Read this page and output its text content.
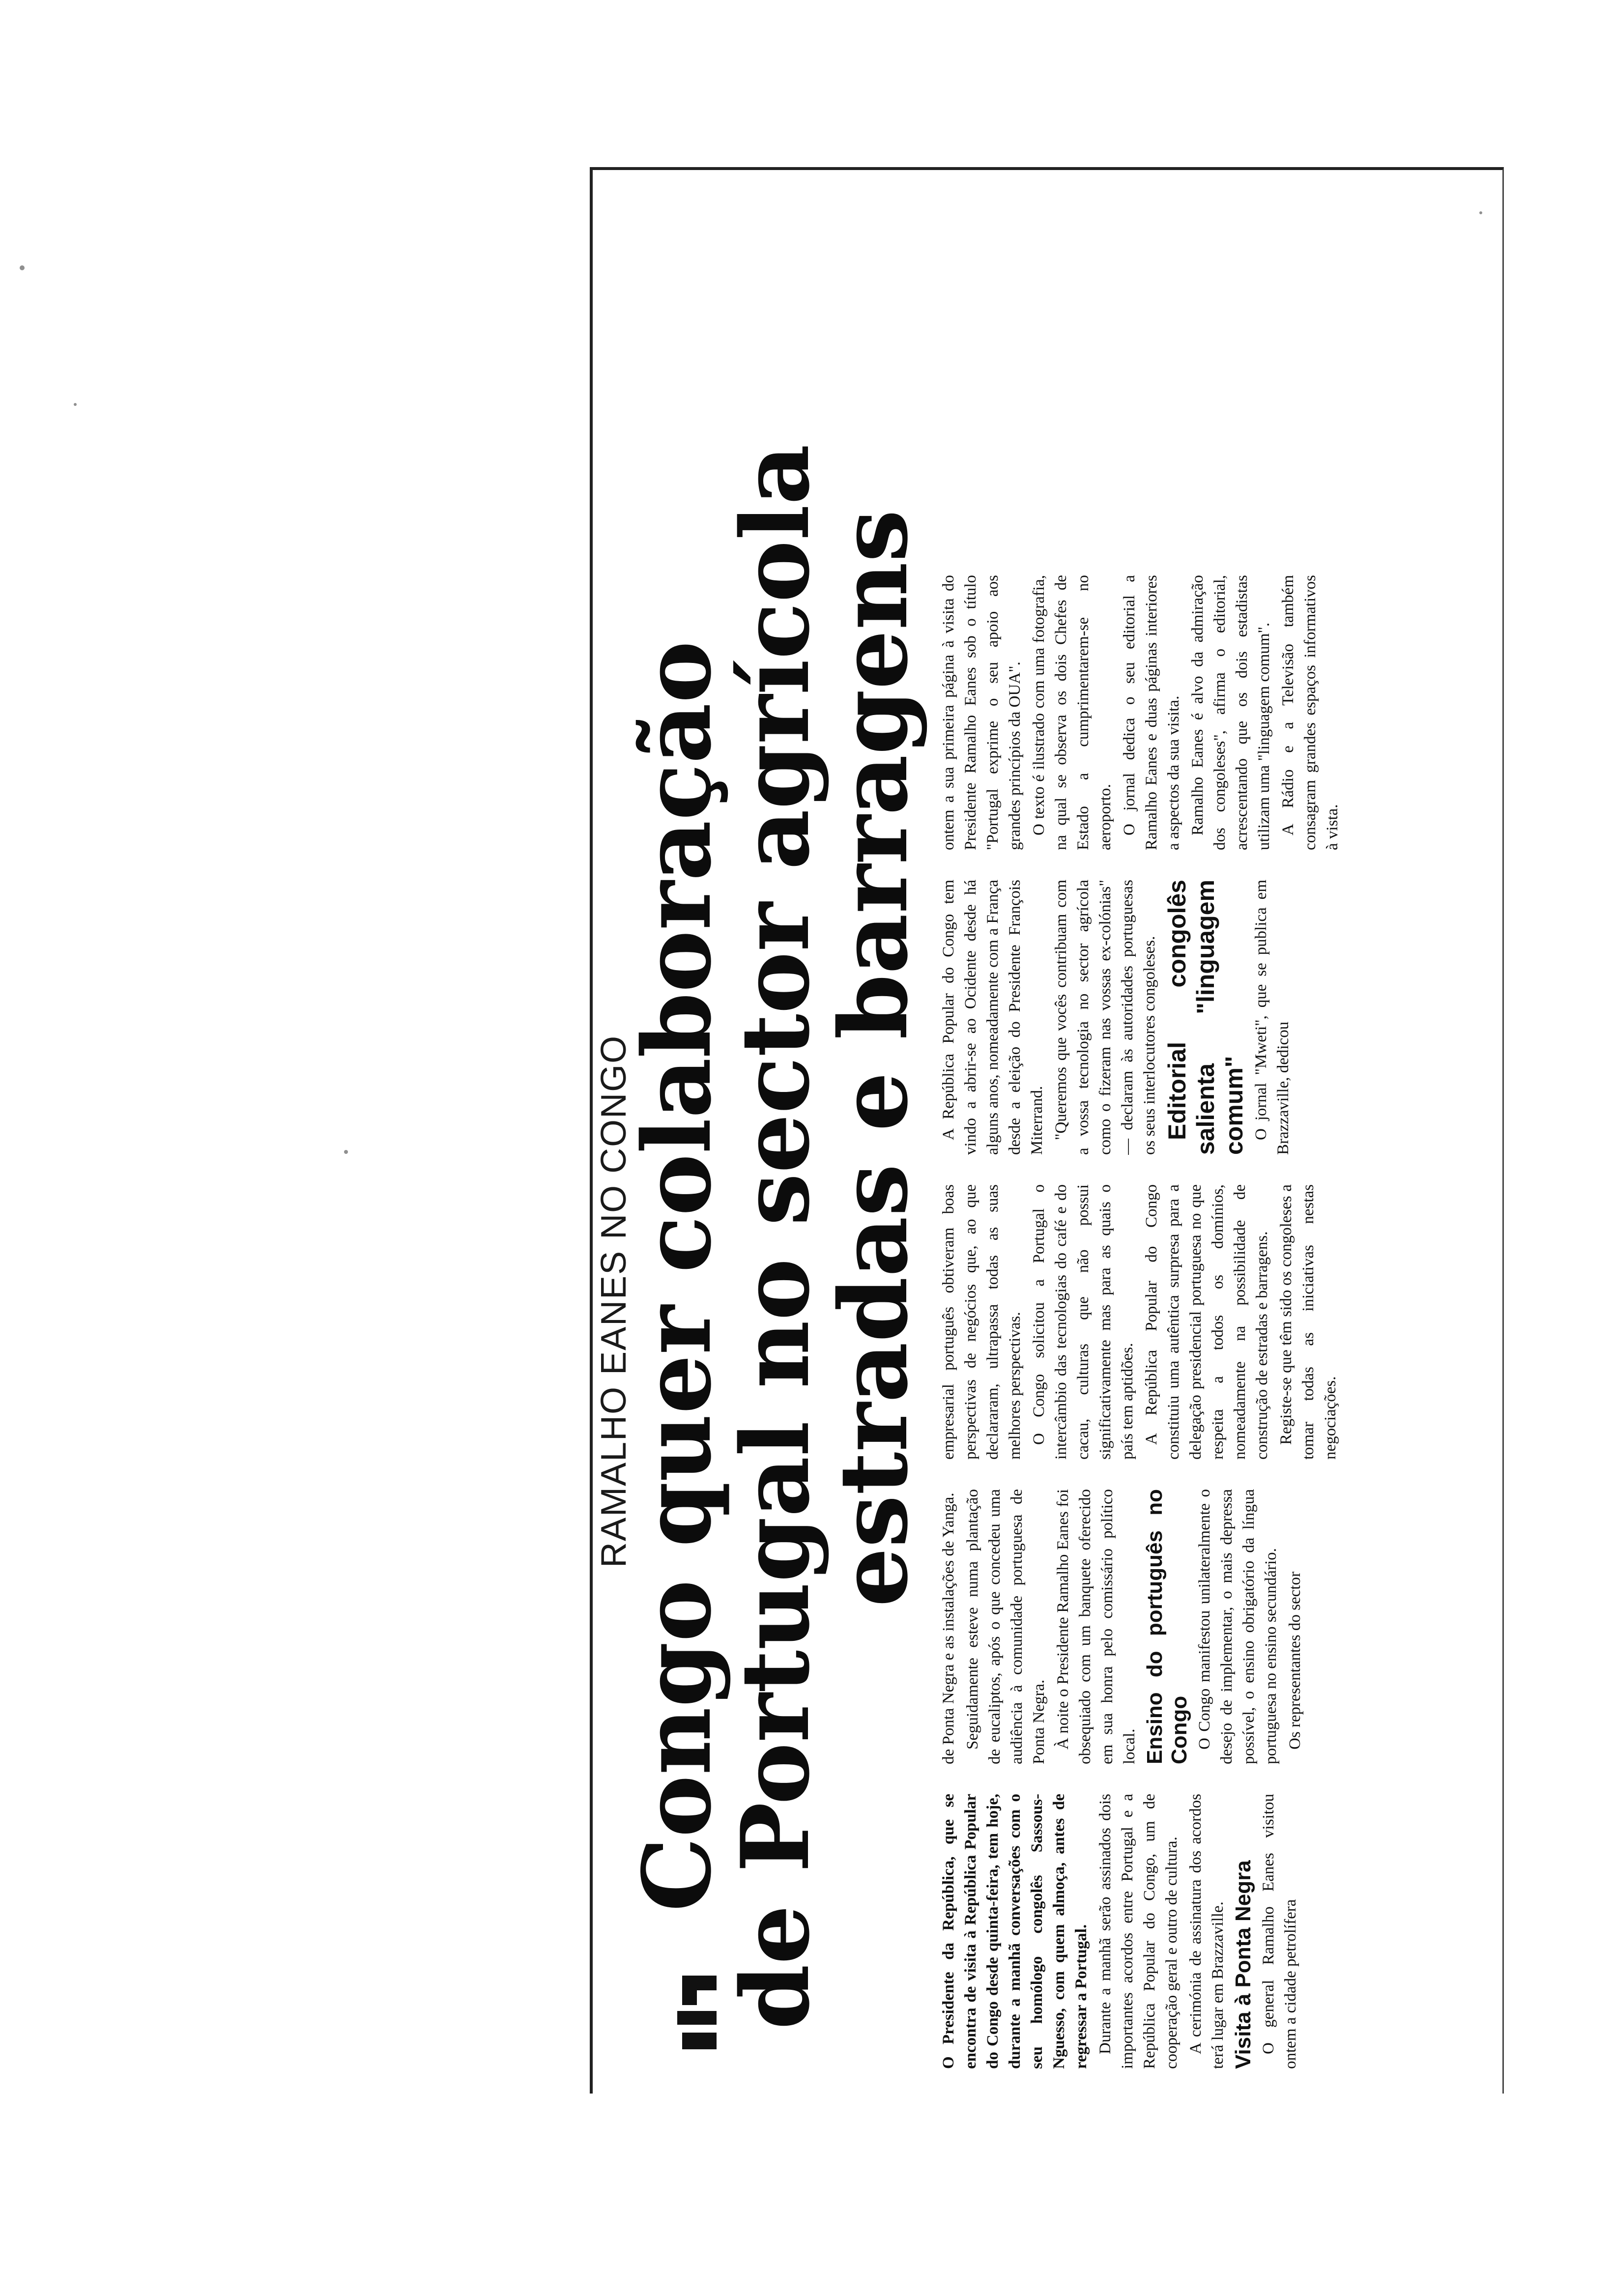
RAMALHO EANES NO CONGO
Congo quer colaboração
de Portugal no sector agrícola
estradas e barragens

O Presidente da República, que se encontra de visita à República Popular do Congo desde quinta-feira, tem hoje, durante a manhã conversações com o seu homólogo congolês Sassous-Nguesso, com quem almoça, antes de regressar a Portugal. Durante a manhã serão assinados dois importantes acordos entre Portugal e a República Popular do Congo, um de cooperação geral e outro de cultura. A cerimónia de assinatura dos acordos terá lugar em Brazzaville. Visita à Ponta Negra O general Ramalho Eanes visitou ontem a cidade petrolífera

de Ponta Negra e as instalações de Yanga. Seguidamente esteve numa plantação de eucaliptos, após o que concedeu uma audiência à comunidade portuguesa de Ponta Negra. À noite o Presidente Ramalho Eanes foi obsequiado com um banquete oferecido em sua honra pelo comissário político local. Ensino do português no Congo O Congo manifestou unilateralmente o desejo de implementar, o mais depressa possível, o ensino obrigatório da língua portuguesa no ensino secundário. Os representantes do sector

empresarial português obtiveram boas perspectivas de negócios que, ao que declararam, ultrapassa todas as suas melhores perspectivas. O Congo solicitou a Portugal o intercâmbio das tecnologias do café e do cacau, culturas que não possui significativamente mas para as quais o país tem aptidões. A República Popular do Congo constituiu uma autêntica surpresa para a delegação presidencial portuguesa no que respeita a todos os domínios, nomeadamente na possibilidade de construção de estradas e barragens. Registe-se que têm sido os congoleses a tomar todas as iniciativas nestas negociações.

A República Popular do Congo tem vindo a abrir-se ao Ocidente desde há alguns anos, nomeadamente com a França desde a eleição do Presidente François Miterrand. "Queremos que vocês contribuam com a vossa tecnologia no sector agrícola como o fizeram nas vossas ex-colónias" — declaram às autoridades portuguesas os seus interlocutores congoleses. Editorial congolês salienta "linguagem comum" O jornal "Mweti", que se publica em Brazzaville, dedicou

ontem a sua primeira página à visita do Presidente Ramalho Eanes sob o título "Portugal exprime o seu apoio aos grandes princípios da OUA". O texto é ilustrado com uma fotografia, na qual se observa os dois Chefes de Estado a cumprimentarem-se no aeroporto. O jornal dedica o seu editorial a Ramalho Eanes e duas páginas interiores a aspectos da sua visita. Ramalho Eanes é alvo da admiração dos congoleses", afirma o editorial, acrescentando que os dois estadistas utilizam uma "linguagem comum". A Rádio e a Televisão também consagram grandes espaços informativos à vista.
